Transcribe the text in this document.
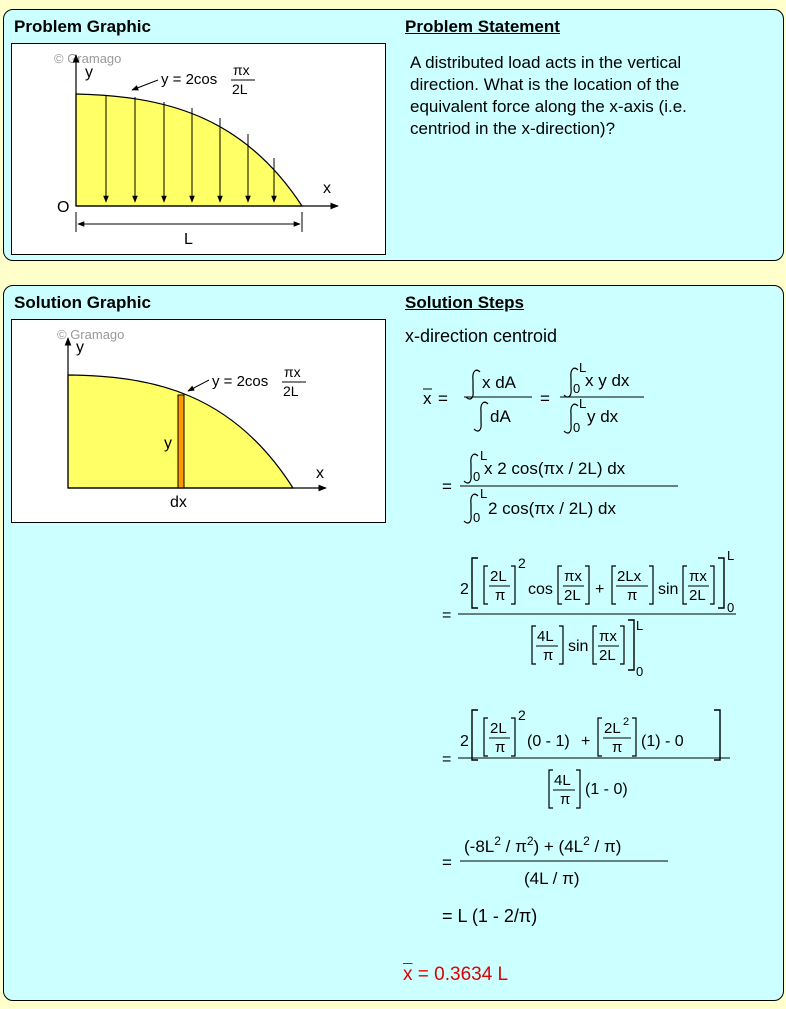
Problem Graphic	Problem Statement
© Gramago
y
x
O
L
y = 2cos
πx
2L
A distributed load acts in the vertical
direction. What is the location of the
equivalent force along the x-axis (i.e.
centriod in the x-direction)?
Solution Graphic	Solution Steps
© Gramago
y
x
y
dx
y = 2cos
πx
2L
x-direction centroid
x =
x dA
dA
=
L
0 x y dx
L
0
y dx
=
L
0 x 2 cos(πx / 2L) dx
L
0 2 cos(πx / 2L) dx
=
2
2L
π
2
cos
πx
2L +
2Lx
π sin
πx
2L
L
0
4L
π
sin
πx
2L
L
0
=
2
2L
π
2
(0 - 1) +
2L 2
π (1) - 0
4L
π
(1 - 0)
=
$(-8L^2 / \pi^2) + (4L^2 / \pi)$
(4L / π)
= L (1 - 2/π)
$\overline{x} = 0.3634$ L
